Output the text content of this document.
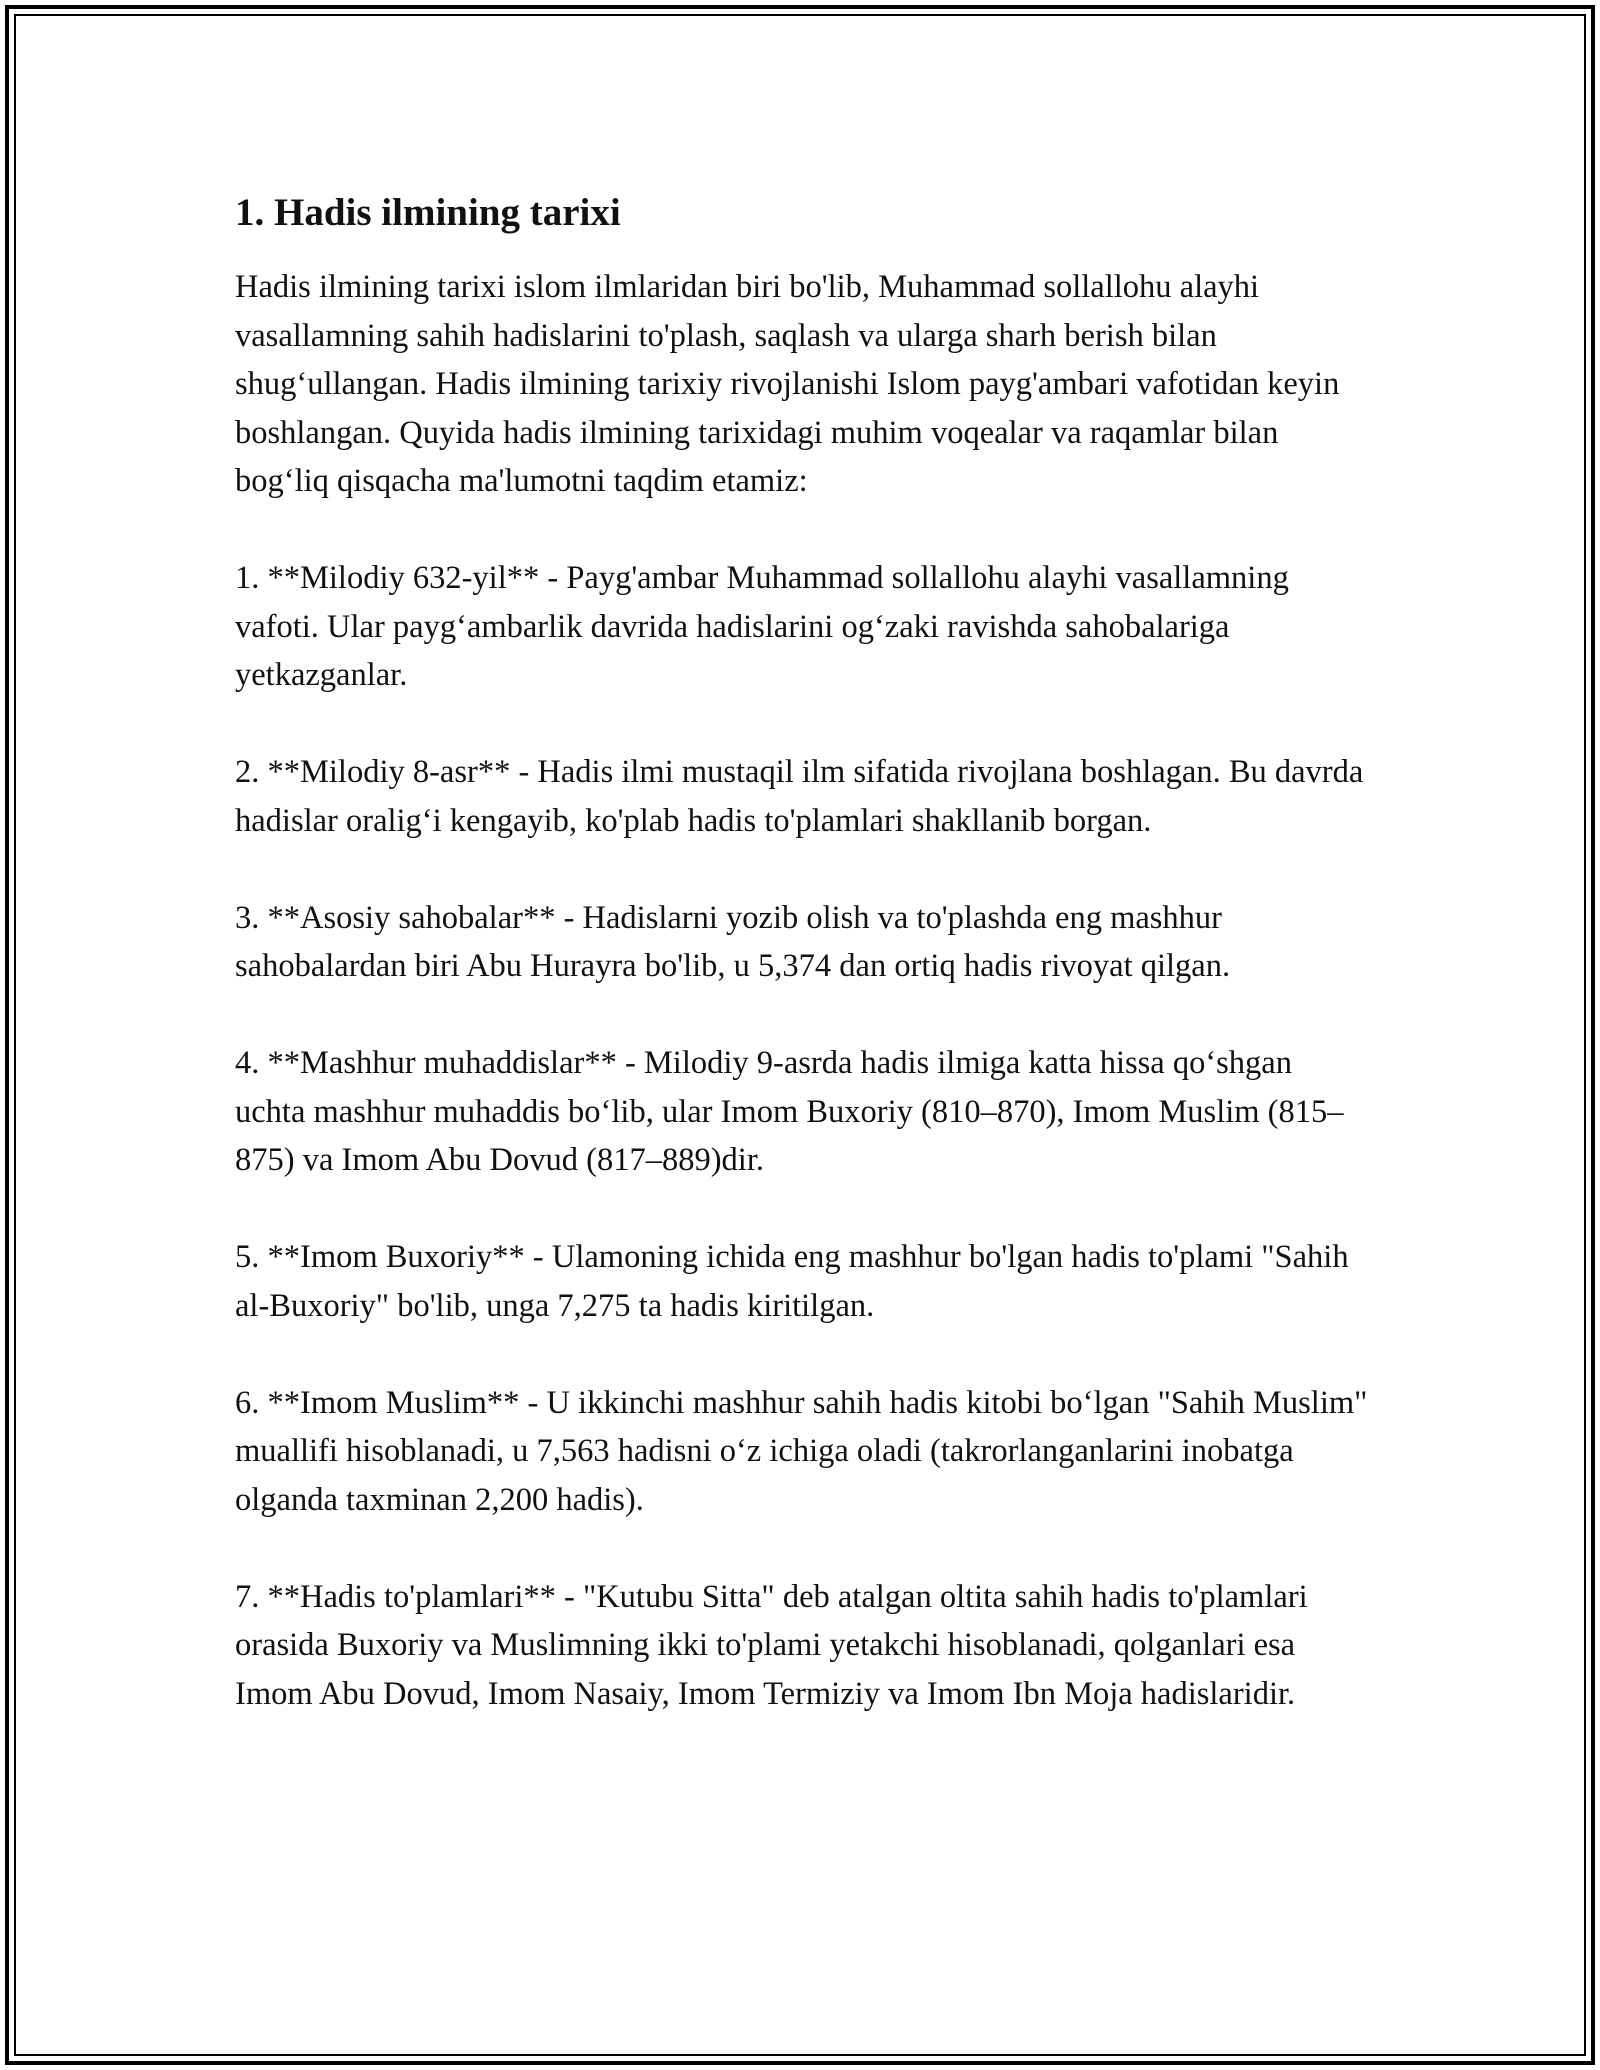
1. Hadis ilmining tarixi

Hadis ilmining tarixi islom ilmlaridan biri bo'lib, Muhammad sollallohu alayhi vasallamning sahih hadislarini to'plash, saqlash va ularga sharh berish bilan shug‘ullangan. Hadis ilmining tarixiy rivojlanishi Islom payg'ambari vafotidan keyin boshlangan. Quyida hadis ilmining tarixidagi muhim voqealar va raqamlar bilan bog‘liq qisqacha ma'lumotni taqdim etamiz:

1. **Milodiy 632-yil** - Payg'ambar Muhammad sollallohu alayhi vasallamning vafoti. Ular payg‘ambarlik davrida hadislarini og‘zaki ravishda sahobalariga yetkazganlar.

2. **Milodiy 8-asr** - Hadis ilmi mustaqil ilm sifatida rivojlana boshlagan. Bu davrda hadislar oralig‘i kengayib, ko'plab hadis to'plamlari shakllanib borgan.

3. **Asosiy sahobalar** - Hadislarni yozib olish va to'plashda eng mashhur sahobalardan biri Abu Hurayra bo'lib, u 5,374 dan ortiq hadis rivoyat qilgan.

4. **Mashhur muhaddislar** - Milodiy 9-asrda hadis ilmiga katta hissa qo‘shgan uchta mashhur muhaddis bo‘lib, ular Imom Buxoriy (810–870), Imom Muslim (815–875) va Imom Abu Dovud (817–889)dir.

5. **Imom Buxoriy** - Ulamoning ichida eng mashhur bo'lgan hadis to'plami "Sahih al-Buxoriy" bo'lib, unga 7,275 ta hadis kiritilgan.

6. **Imom Muslim** - U ikkinchi mashhur sahih hadis kitobi bo‘lgan "Sahih Muslim" muallifi hisoblanadi, u 7,563 hadisni o‘z ichiga oladi (takrorlanganlarini inobatga olganda taxminan 2,200 hadis).

7. **Hadis to'plamlari** - "Kutubu Sitta" deb atalgan oltita sahih hadis to'plamlari orasida Buxoriy va Muslimning ikki to'plami yetakchi hisoblanadi, qolganlari esa Imom Abu Dovud, Imom Nasaiy, Imom Termiziy va Imom Ibn Moja hadislaridir.
